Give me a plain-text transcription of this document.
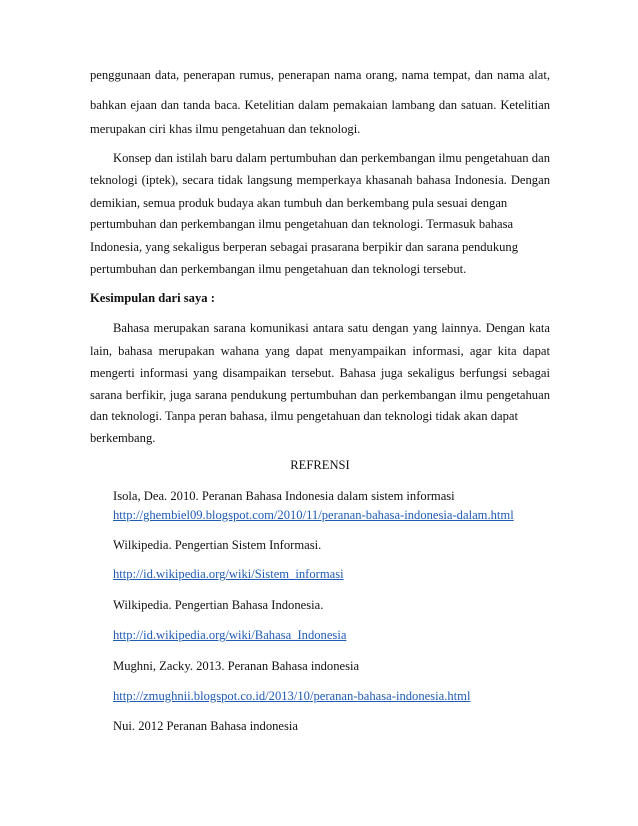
penggunaan data, penerapan rumus, penerapan nama orang, nama tempat, dan nama alat,
bahkan ejaan dan tanda baca. Ketelitian dalam pemakaian lambang dan satuan. Ketelitian
merupakan ciri khas ilmu pengetahuan dan teknologi.
Konsep dan istilah baru dalam pertumbuhan dan perkembangan ilmu pengetahuan dan
teknologi (iptek), secara tidak langsung memperkaya khasanah bahasa Indonesia. Dengan
demikian, semua produk budaya akan tumbuh dan berkembang pula sesuai dengan
pertumbuhan dan perkembangan ilmu pengetahuan dan teknologi. Termasuk bahasa
Indonesia, yang sekaligus berperan sebagai prasarana berpikir dan sarana pendukung
pertumbuhan dan perkembangan ilmu pengetahuan dan teknologi tersebut.
Kesimpulan dari saya :
Bahasa merupakan sarana komunikasi antara satu dengan yang lainnya. Dengan kata
lain, bahasa merupakan wahana yang dapat menyampaikan informasi, agar kita dapat
mengerti informasi yang disampaikan tersebut. Bahasa juga sekaligus berfungsi sebagai
sarana berfikir, juga sarana pendukung pertumbuhan dan perkembangan ilmu pengetahuan
dan teknologi. Tanpa peran bahasa, ilmu pengetahuan dan teknologi tidak akan dapat
berkembang.
REFRENSI
Isola, Dea. 2010. Peranan Bahasa Indonesia dalam sistem informasi
http://ghembiel09.blogspot.com/2010/11/peranan-bahasa-indonesia-dalam.html
Wilkipedia. Pengertian Sistem Informasi.
http://id.wikipedia.org/wiki/Sistem_informasi
Wilkipedia. Pengertian Bahasa Indonesia.
http://id.wikipedia.org/wiki/Bahasa_Indonesia
Mughni, Zacky. 2013. Peranan Bahasa indonesia
http://zmughnii.blogspot.co.id/2013/10/peranan-bahasa-indonesia.html
Nui. 2012 Peranan Bahasa indonesia
